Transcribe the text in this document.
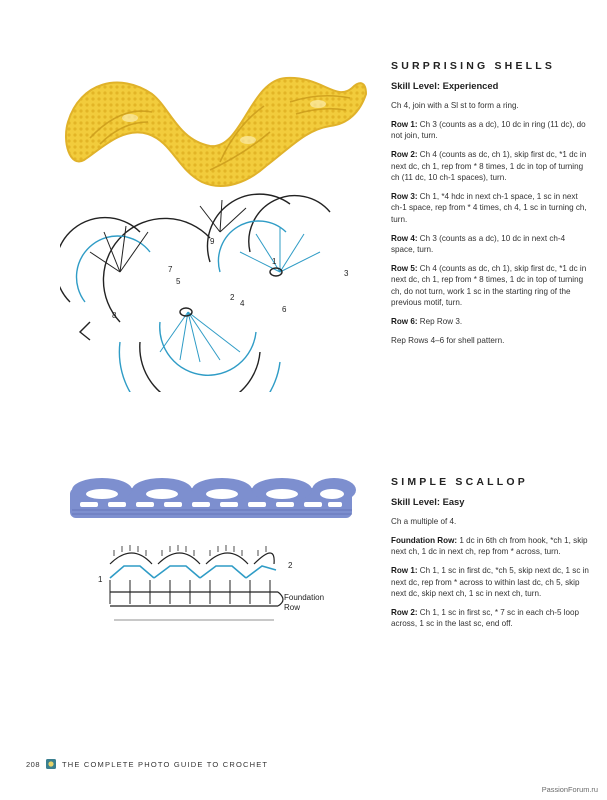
9
7
5
4
2
1
3
8
6
1
2
Foundation
Row
SURPRISING SHELLS
Skill Level: Experienced
Ch 4, join with a Sl st to form a ring.
Row 1: Ch 3 (counts as a dc), 10 dc in ring (11 dc), do not join, turn.
Row 2: Ch 4 (counts as dc, ch 1), skip first dc, *1 dc in next dc, ch 1, rep from * 8 times, 1 dc in top of turning ch (11 dc, 10 ch-1 spaces), turn.
Row 3: Ch 1, *4 hdc in next ch-1 space, 1 sc in next ch-1 space, rep from * 4 times, ch 4, 1 sc in turning ch, turn.
Row 4: Ch 3 (counts as a dc), 10 dc in next ch-4 space, turn.
Row 5: Ch 4 (counts as dc, ch 1), skip first dc, *1 dc in next dc, ch 1, rep from * 8 times, 1 dc in top of turning ch, do not turn, work 1 sc in the starting ring of the previous motif, turn.
Row 6: Rep Row 3.
Rep Rows 4–6 for shell pattern.
SIMPLE SCALLOP
Skill Level: Easy
Ch a multiple of 4.
Foundation Row: 1 dc in 6th ch from hook, *ch 1, skip next ch, 1 dc in next ch, rep from * across, turn.
Row 1: Ch 1, 1 sc in first dc, *ch 5, skip next dc, 1 sc in next dc, rep from * across to within last dc, ch 5, skip next dc, skip next ch, 1 sc in next ch, turn.
Row 2: Ch 1, 1 sc in first sc, * 7 sc in each ch-5 loop across, 1 sc in the last sc, end off.
208	THE COMPLETE PHOTO GUIDE TO CROCHET
PassionForum.ru
